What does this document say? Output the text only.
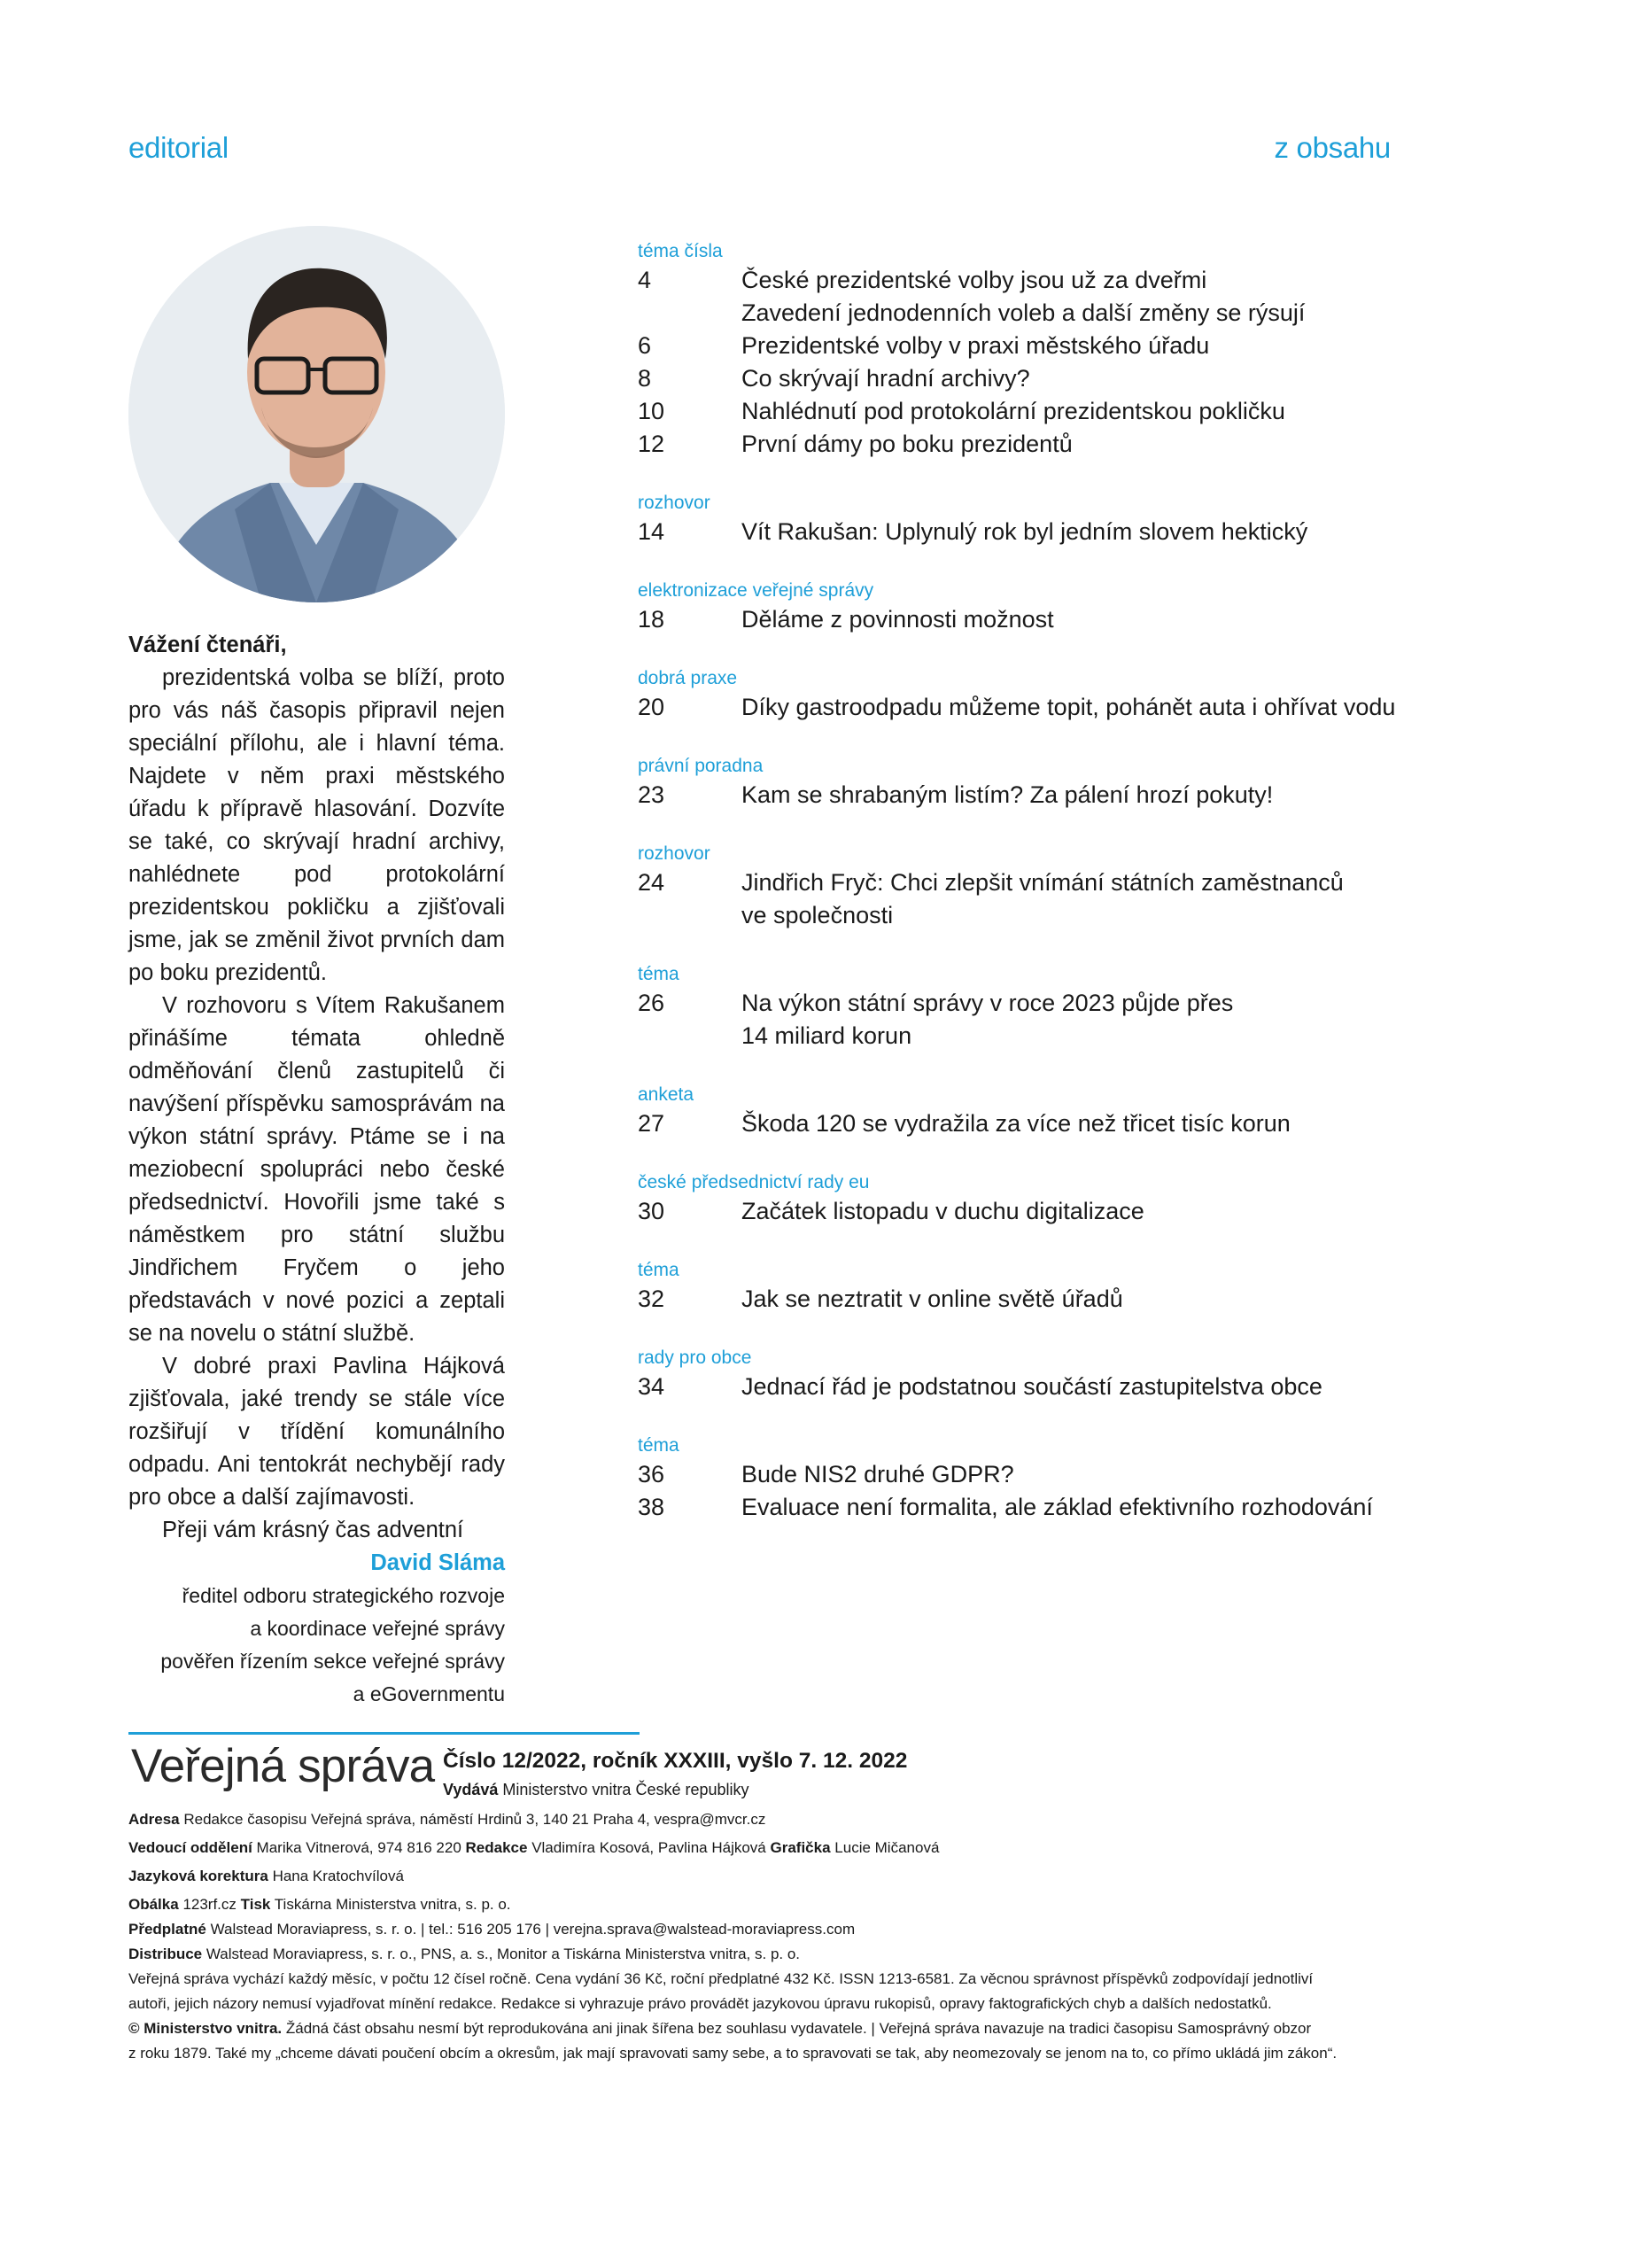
editorial	z obsahu
Vážení čtenáři,

prezidentská volba se blíží, proto pro vás náš časopis připravil nejen speciální přílohu, ale i hlavní téma. Najdete v něm praxi městského úřadu k přípravě hlasování. Dozvíte se také, co skrývají hradní archivy, nahlédnete pod protokolární prezidentskou pokličku a zjišťovali jsme, jak se změnil život prvních dam po boku prezidentů.

V rozhovoru s Vítem Rakušanem přinášíme témata ohledně odměňování členů zastupitelů či navýšení příspěvku samosprávám na výkon státní správy. Ptáme se i na meziobecní spolupráci nebo české předsednictví. Hovořili jsme také s náměstkem pro státní službu Jindřichem Fryčem o jeho představách v nové pozici a zeptali se na novelu o státní službě.

V dobré praxi Pavlina Hájková zjišťovala, jaké trendy se stále více rozšiřují v třídění komunálního odpadu. Ani tentokrát nechybějí rady pro obce a další zajímavosti.

Přeji vám krásný čas adventní

David Sláma
ředitel odboru strategického rozvoje
a koordinace veřejné správy
pověřen řízením sekce veřejné správy
a eGovernmentu
téma čísla
4	České prezidentské volby jsou už za dveřmi
Zavedení jednodenních voleb a další změny se rýsují
6	Prezidentské volby v praxi městského úřadu
8	Co skrývají hradní archivy?
10	Nahlédnutí pod protokolární prezidentskou pokličku
12	První dámy po boku prezidentů
rozhovor
14	Vít Rakušan: Uplynulý rok byl jedním slovem hektický
elektronizace veřejné správy
18	Děláme z povinnosti možnost
dobrá praxe
20	Díky gastroodpadu můžeme topit, pohánět auta i ohřívat vodu
právní poradna
23	Kam se shrabaným listím? Za pálení hrozí pokuty!
rozhovor
24	Jindřich Fryč: Chci zlepšit vnímání státních zaměstnanců
ve společnosti
téma
26	Na výkon státní správy v roce 2023 půjde přes
14 miliard korun
anketa
27	Škoda 120 se vydražila za více než třicet tisíc korun
české předsednictví rady eu
30	Začátek listopadu v duchu digitalizace
téma
32	Jak se neztratit v online světě úřadů
rady pro obce
34	Jednací řád je podstatnou součástí zastupitelstva obce
téma
36	Bude NIS2 druhé GDPR?
38	Evaluace není formalita, ale základ efektivního rozhodování
Veřejná správa Číslo 12/2022, ročník XXXIII, vyšlo 7. 12. 2022
Vydává Ministerstvo vnitra České republiky

Adresa Redakce časopisu Veřejná správa, náměstí Hrdinů 3, 140 21 Praha 4, vespra@mvcr.cz

Vedoucí oddělení Marika Vitnerová, 974 816 220 Redakce Vladimíra Kosová, Pavlina Hájková Grafička Lucie Mičanová

Jazyková korektura Hana Kratochvílová

Obálka 123rf.cz Tisk Tiskárna Ministerstva vnitra, s. p. o.

Předplatné Walstead Moraviapress, s. r. o. | tel.: 516 205 176 | verejna.sprava@walstead-moraviapress.com

Distribuce Walstead Moraviapress, s. r. o., PNS, a. s., Monitor a Tiskárna Ministerstva vnitra, s. p. o.

Veřejná správa vychází každý měsíc, v počtu 12 čísel ročně. Cena vydání 36 Kč, roční předplatné 432 Kč. ISSN 1213-6581. Za věcnou správnost příspěvků zodpovídají jednotliví

autoři, jejich názory nemusí vyjadřovat mínění redakce. Redakce si vyhrazuje právo provádět jazykovou úpravu rukopisů, opravy faktografických chyb a dalších nedostatků.

© Ministerstvo vnitra. Žádná část obsahu nesmí být reprodukována ani jinak šířena bez souhlasu vydavatele. | Veřejná správa navazuje na tradici časopisu Samosprávný obzor

z roku 1879. Také my „chceme dávati poučení obcím a okresům, jak mají spravovati samy sebe, a to spravovati se tak, aby neomezovaly se jenom na to, co přímo ukládá jim zákon“.
